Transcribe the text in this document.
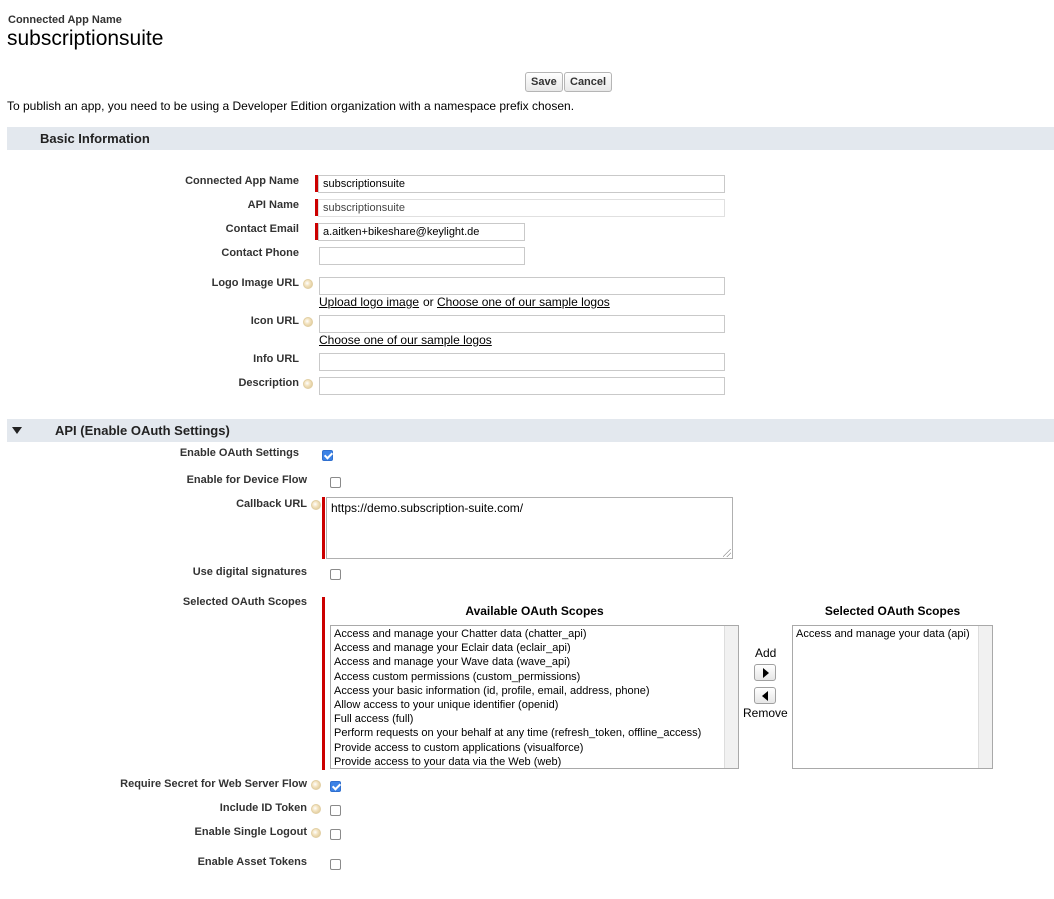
Connected App Name
subscriptionsuite
Save	Cancel
To publish an app, you need to be using a Developer Edition organization with a namespace prefix chosen.
Basic Information
Connected App Name
subscriptionsuite
API Name
subscriptionsuite
Contact Email
a.aitken+bikeshare@keylight.de
Contact Phone
Logo Image URL
Upload logo image or Choose one of our sample logos
Icon URL
Choose one of our sample logos
Info URL
Description
API (Enable OAuth Settings)
Enable OAuth Settings
Enable for Device Flow
Callback URL	https://demo.subscription-suite.com/
Use digital signatures
Selected OAuth Scopes
Available OAuth Scopes
Access and manage your Chatter data (chatter_api)
Access and manage your Eclair data (eclair_api)
Access and manage your Wave data (wave_api)
Access custom permissions (custom_permissions)
Access your basic information (id, profile, email, address, phone)
Allow access to your unique identifier (openid)
Full access (full)
Perform requests on your behalf at any time (refresh_token, offline_access)
Provide access to custom applications (visualforce)
Provide access to your data via the Web (web)
Add
Remove
Selected OAuth Scopes
Access and manage your data (api)
Require Secret for Web Server Flow
Include ID Token
Enable Single Logout
Enable Asset Tokens
